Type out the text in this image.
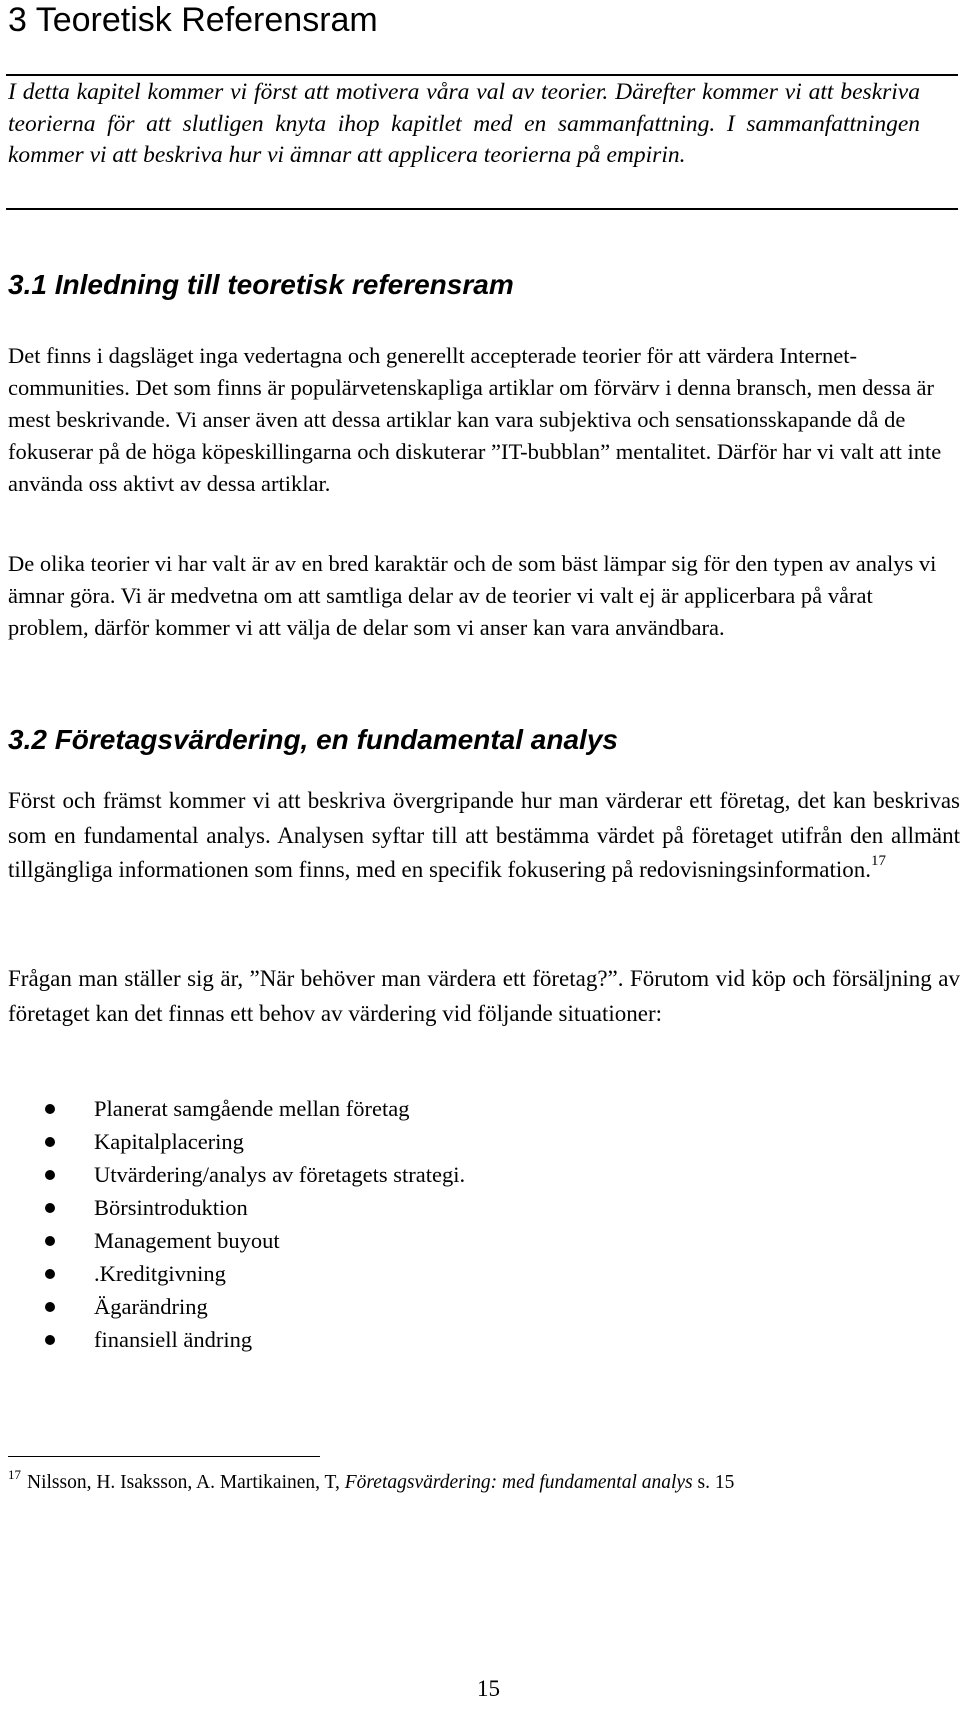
3 Teoretisk Referensram

I detta kapitel kommer vi först att motivera våra val av teorier. Därefter kommer vi att beskriva teorierna för att slutligen knyta ihop kapitlet med en sammanfattning. I sammanfattningen kommer vi att beskriva hur vi ämnar att applicera teorierna på empirin.

3.1 Inledning till teoretisk referensram

Det finns i dagsläget inga vedertagna och generellt accepterade teorier för att värdera Internet-communities. Det som finns är populärvetenskapliga artiklar om förvärv i denna bransch, men dessa är mest beskrivande. Vi anser även att dessa artiklar kan vara subjektiva och sensationsskapande då de fokuserar på de höga köpeskillingarna och diskuterar ”IT-bubblan” mentalitet. Därför har vi valt att inte använda oss aktivt av dessa artiklar.

De olika teorier vi har valt är av en bred karaktär och de som bäst lämpar sig för den typen av analys vi ämnar göra. Vi är medvetna om att samtliga delar av de teorier vi valt ej är applicerbara på vårat problem, därför kommer vi att välja de delar som vi anser kan vara användbara.

3.2 Företagsvärdering, en fundamental analys

Först och främst kommer vi att beskriva övergripande hur man värderar ett företag, det kan beskrivas som en fundamental analys. Analysen syftar till att bestämma värdet på företaget utifrån den allmänt tillgängliga informationen som finns, med en specifik fokusering på redovisningsinformation.$^{17}$

Frågan man ställer sig är, ”När behöver man värdera ett företag?”. Förutom vid köp och försäljning av företaget kan det finnas ett behov av värdering vid följande situationer:

Planerat samgående mellan företag
Kapitalplacering
Utvärdering/analys av företagets strategi.
Börsintroduktion
Management buyout
.Kreditgivning
Ägarändring
finansiell ändring

$^{17}$ Nilsson, H. Isaksson, A. Martikainen, T, Företagsvärdering: med fundamental analys s. 15

15
